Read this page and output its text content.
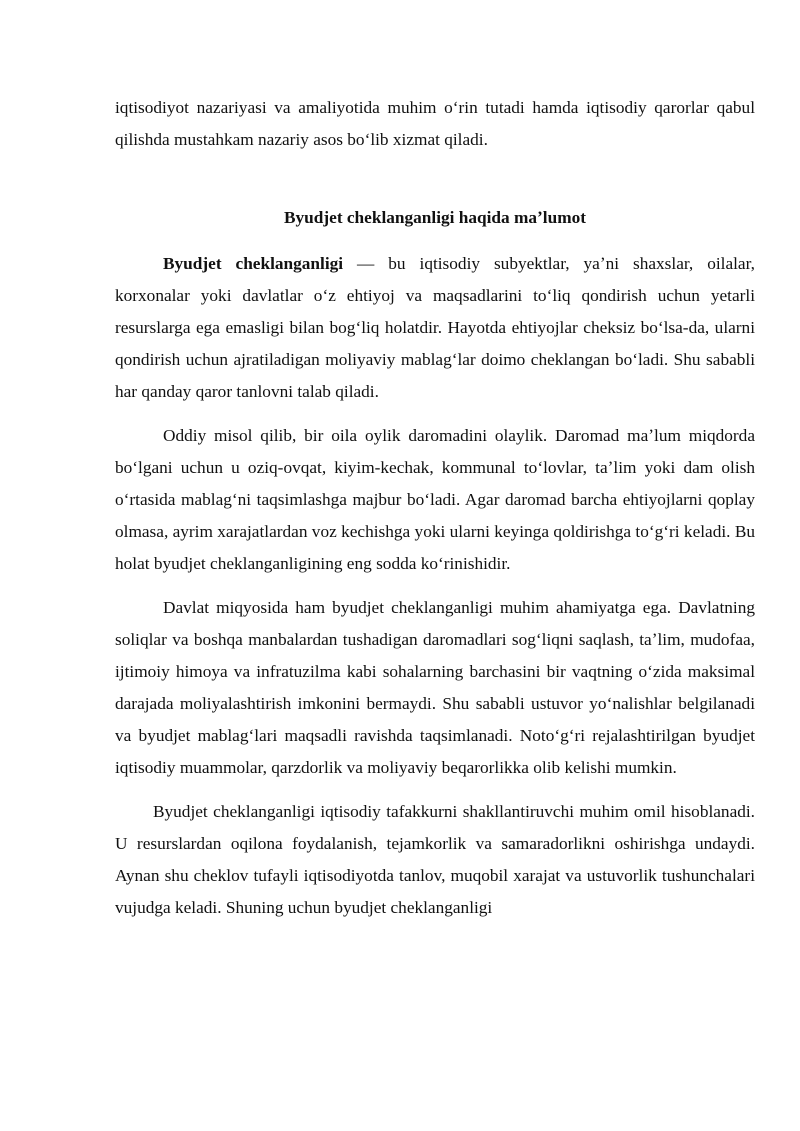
iqtisodiyot nazariyasi va amaliyotida muhim oʻrin tutadi hamda iqtisodiy qarorlar qabul qilishda mustahkam nazariy asos boʻlib xizmat qiladi.

Byudjet cheklanganligi haqida maʼlumot

Byudjet cheklanganligi — bu iqtisodiy subyektlar, yaʼni shaxslar, oilalar, korxonalar yoki davlatlar oʻz ehtiyoj va maqsadlarini toʻliq qondirish uchun yetarli resurslarga ega emasligi bilan bogʻliq holatdir. Hayotda ehtiyojlar cheksiz boʻlsa-da, ularni qondirish uchun ajratiladigan moliyaviy mablagʻlar doimo cheklangan boʻladi. Shu sababli har qanday qaror tanlovni talab qiladi.

Oddiy misol qilib, bir oila oylik daromadini olaylik. Daromad maʼlum miqdorda boʻlgani uchun u oziq-ovqat, kiyim-kechak, kommunal toʻlovlar, taʼlim yoki dam olish oʻrtasida mablagʻni taqsimlashga majbur boʻladi. Agar daromad barcha ehtiyojlarni qoplay olmasa, ayrim xarajatlardan voz kechishga yoki ularni keyinga qoldirishga toʻgʻri keladi. Bu holat byudjet cheklanganligining eng sodda koʻrinishidir.

Davlat miqyosida ham byudjet cheklanganligi muhim ahamiyatga ega. Davlatning soliqlar va boshqa manbalardan tushadigan daromadlari sogʻliqni saqlash, taʼlim, mudofaa, ijtimoiy himoya va infratuzilma kabi sohalarning barchasini bir vaqtning oʻzida maksimal darajada moliyalashtirish imkonini bermaydi. Shu sababli ustuvor yoʻnalishlar belgilanadi va byudjet mablagʻlari maqsadli ravishda taqsimlanadi. Notoʻgʻri rejalashtirilgan byudjet iqtisodiy muammolar, qarzdorlik va moliyaviy beqarorlikka olib kelishi mumkin.

Byudjet cheklanganligi iqtisodiy tafakkurni shakllantiruvchi muhim omil hisoblanadi. U resurslardan oqilona foydalanish, tejamkorlik va samaradorlikni oshirishga undaydi. Aynan shu cheklov tufayli iqtisodiyotda tanlov, muqobil xarajat va ustuvorlik tushunchalari vujudga keladi. Shuning uchun byudjet cheklanganligi
